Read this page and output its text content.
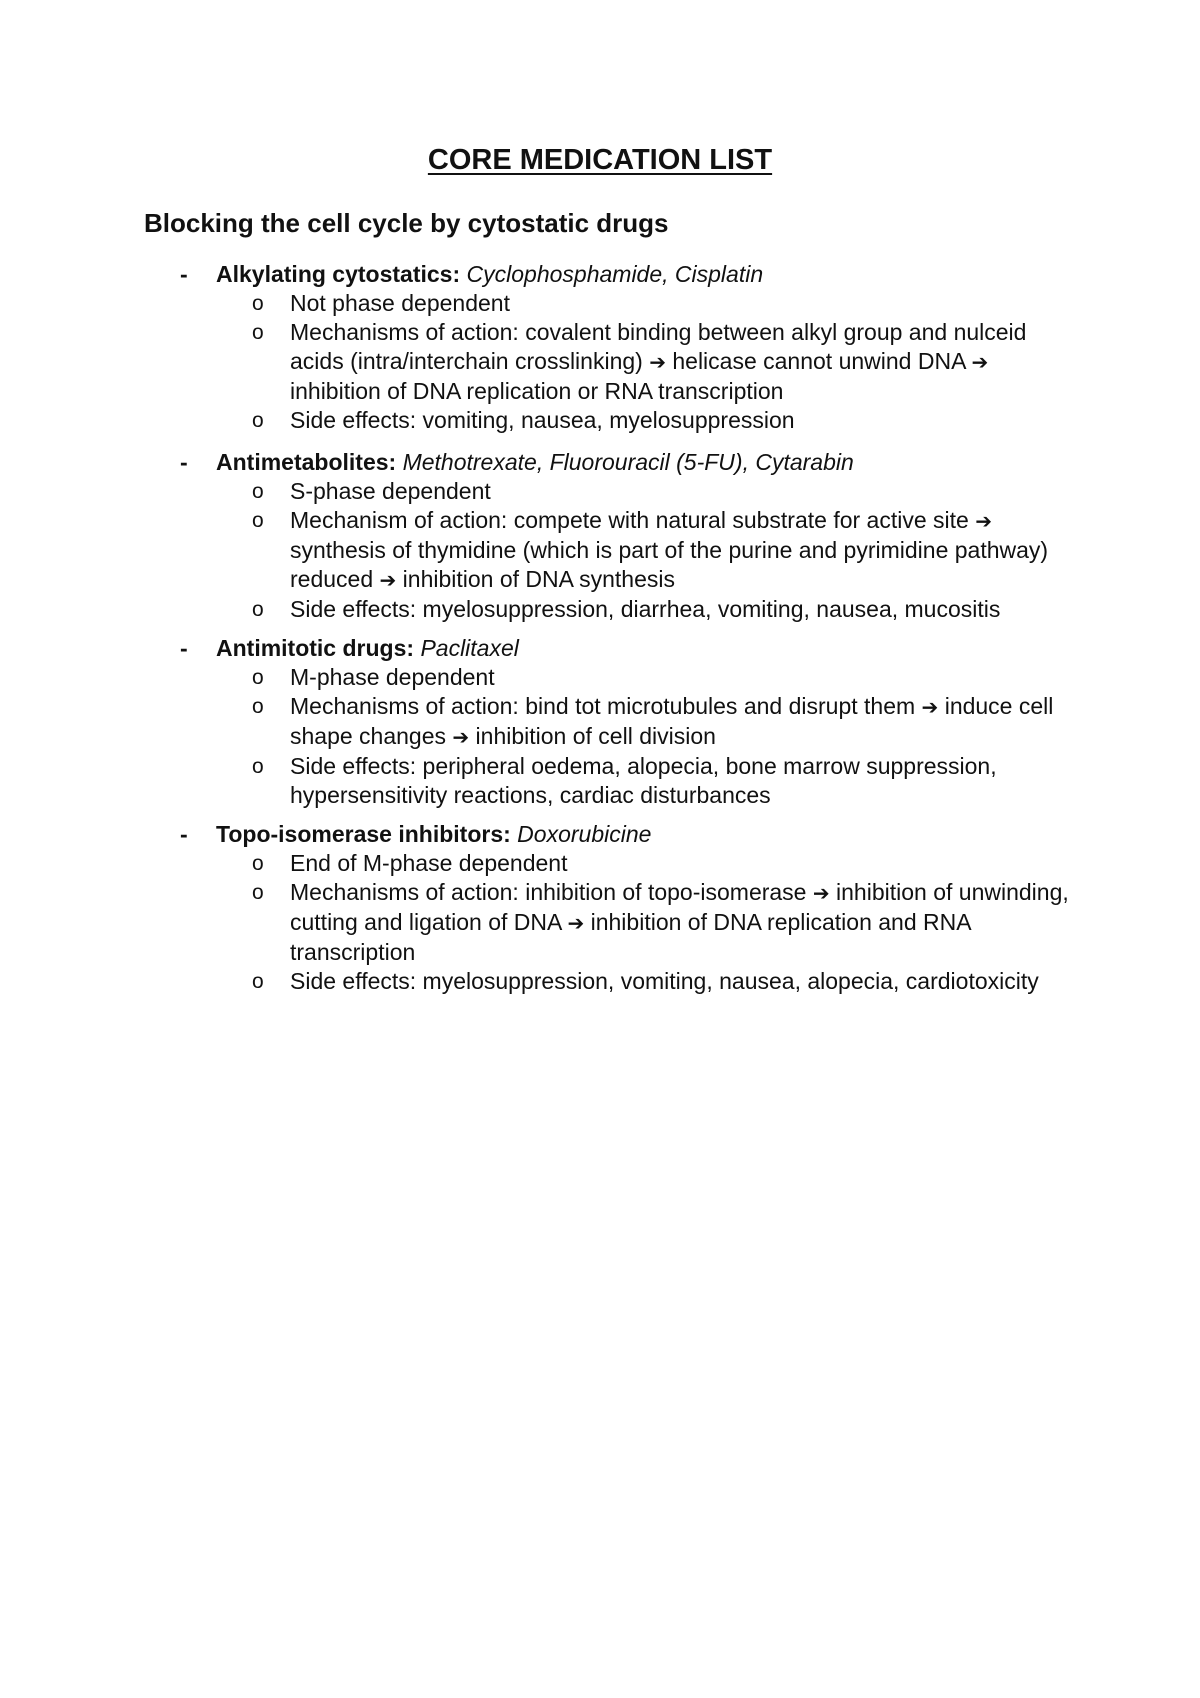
CORE MEDICATION LIST
Blocking the cell cycle by cytostatic drugs
- Alkylating cytostatics: Cyclophosphamide, Cisplatin
o Not phase dependent
o Mechanisms of action: covalent binding between alkyl group and nulceid acids (intra/interchain crosslinking) ➔ helicase cannot unwind DNA ➔ inhibition of DNA replication or RNA transcription
o Side effects: vomiting, nausea, myelosuppression
- Antimetabolites: Methotrexate, Fluorouracil (5-FU), Cytarabin
o S-phase dependent
o Mechanism of action: compete with natural substrate for active site ➔ synthesis of thymidine (which is part of the purine and pyrimidine pathway) reduced ➔ inhibition of DNA synthesis
o Side effects: myelosuppression, diarrhea, vomiting, nausea, mucositis
- Antimitotic drugs: Paclitaxel
o M-phase dependent
o Mechanisms of action: bind tot microtubules and disrupt them ➔ induce cell shape changes ➔ inhibition of cell division
o Side effects: peripheral oedema, alopecia, bone marrow suppression, hypersensitivity reactions, cardiac disturbances
- Topo-isomerase inhibitors: Doxorubicine
o End of M-phase dependent
o Mechanisms of action: inhibition of topo-isomerase ➔ inhibition of unwinding, cutting and ligation of DNA ➔ inhibition of DNA replication and RNA transcription
o Side effects: myelosuppression, vomiting, nausea, alopecia, cardiotoxicity
